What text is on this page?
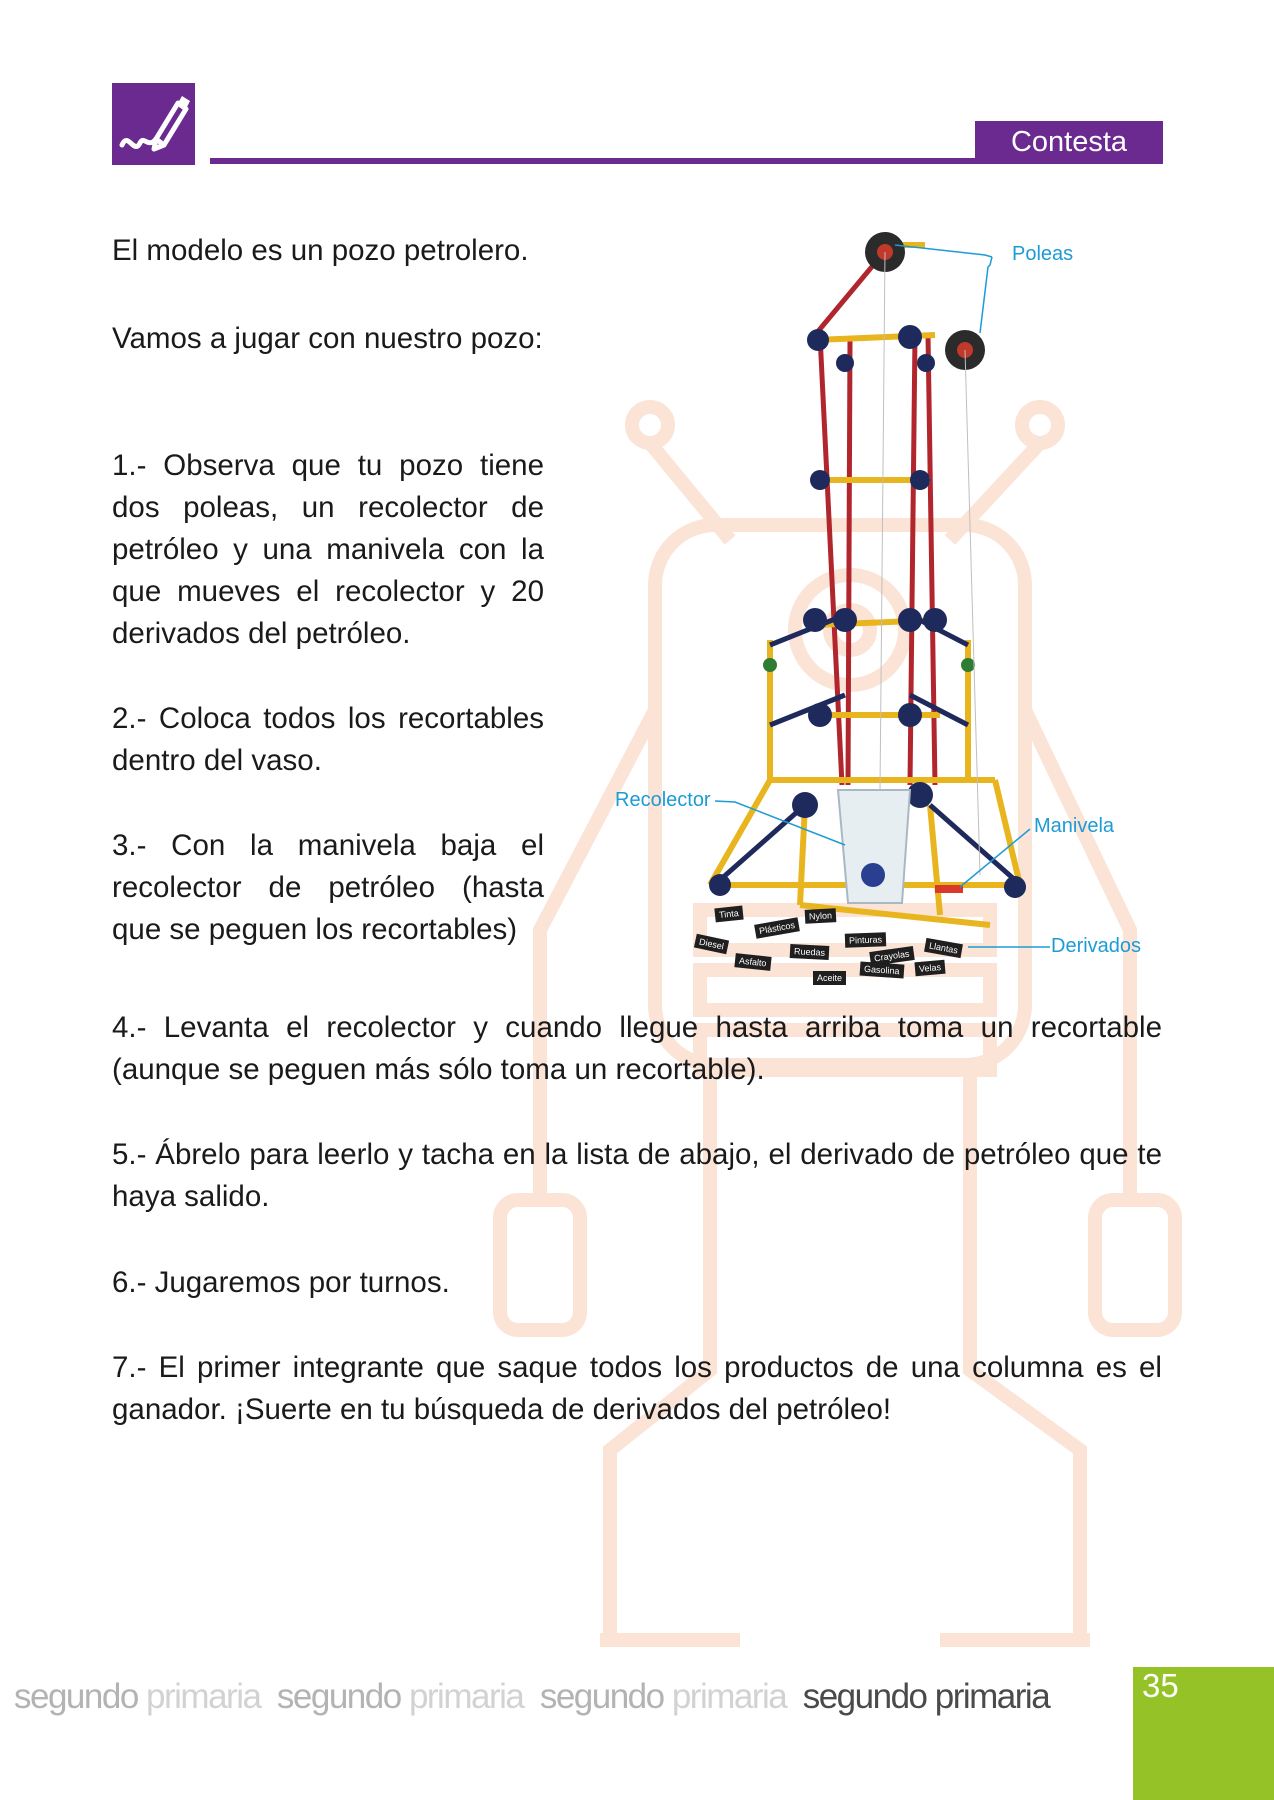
Contesta
El modelo es un pozo petrolero.
Vamos a jugar con nuestro pozo:
1.- Observa que tu pozo tiene dos poleas, un recolector de petróleo y una manivela con la que mueves el recolector y 20 derivados del petróleo.
2.- Coloca todos los recortables dentro del vaso.
3.- Con la manivela baja el recolector de petróleo (hasta que se peguen los recortables)	Tinta
Ruedas
Pinturas
Crayolas
Gasolina
Aceite
Llantas
Diesel
Plásticos
Asfalto
Nylon
Velas
Poleas
Recolector
Manivela
Derivados
4.- Levanta el recolector y cuando llegue hasta arriba toma un recortable (aunque se peguen más sólo toma un recortable).
5.- Ábrelo para leerlo y tacha en la lista de abajo, el derivado de petróleo que te haya salido.
6.- Jugaremos por turnos.
7.- El primer integrante que saque todos los productos de una columna es el ganador. ¡Suerte en tu búsqueda de derivados del petróleo!
segundo primaria segundo primaria segundo primaria segundo primaria	35
